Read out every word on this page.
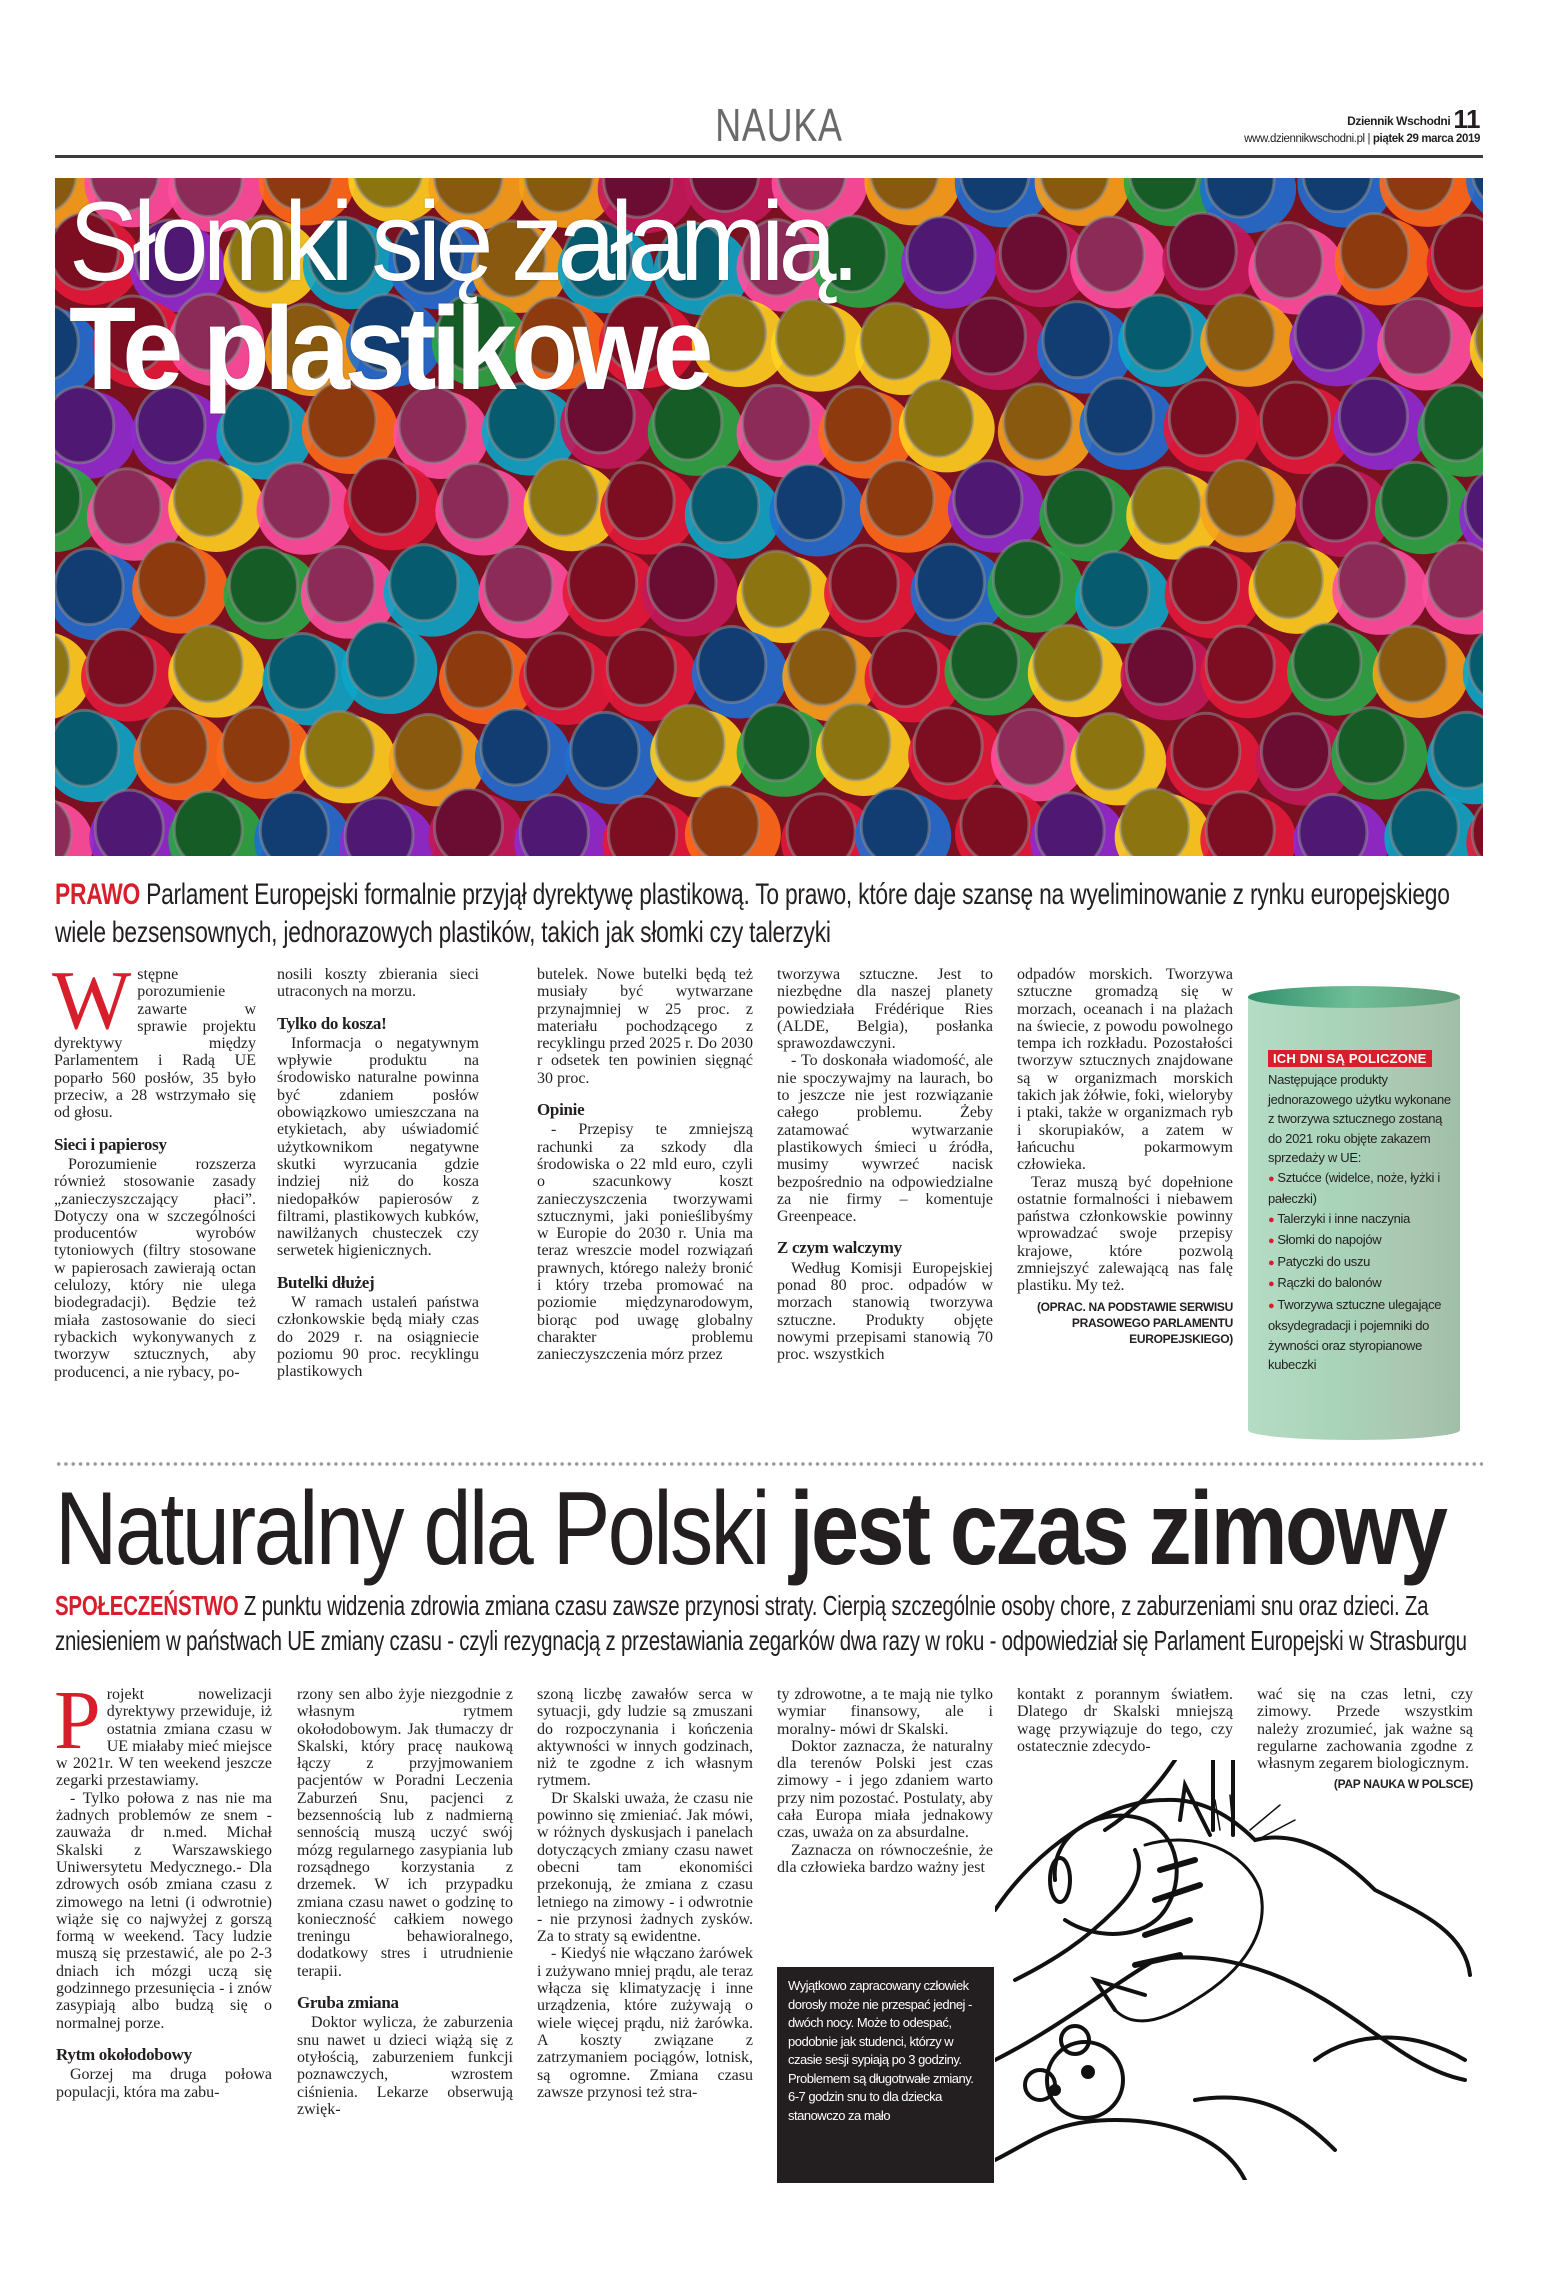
NAUKA	Dziennik Wschodni 11
www.dziennikwschodni.pl | piątek 29 marca 2019
Słomki się załamią.
Te plastikowe
PRAWO Parlament Europejski formalnie przyjął dyrektywę plastikową. To prawo, które daje szansę na wyeliminowanie z rynku europejskiego wiele bezsensownych, jednorazowych plastików, takich jak słomki czy talerzyki

Wstępne porozumienie zawarte w sprawie projektu dyrektywy między Parlamentem i Radą UE poparło 560 posłów, 35 było przeciw, a 28 wstrzymało się od głosu.

Sieci i papierosy

Porozumienie rozszerza również stosowanie zasady „zanieczyszczający płaci”. Dotyczy ona w szczególności producentów wyrobów tytoniowych (filtry stosowane w papierosach zawierają octan celulozy, który nie ulega biodegradacji). Będzie też miała zastosowanie do sieci rybackich wykonywanych z tworzyw sztucznych, aby producenci, a nie rybacy, po-

nosili koszty zbierania sieci utraconych na morzu.

Tylko do kosza!

Informacja o negatywnym wpływie produktu na środowisko naturalne powinna być zdaniem posłów obowiązkowo umieszczana na etykietach, aby uświadomić użytkownikom negatywne skutki wyrzucania gdzie indziej niż do kosza niedopałków papierosów z filtrami, plastikowych kubków, nawilżanych chusteczek czy serwetek higienicznych.

Butelki dłużej

W ramach ustaleń państwa członkowskie będą miały czas do 2029 r. na osiągniecie poziomu 90 proc. recyklingu plastikowych

butelek. Nowe butelki będą też musiały być wytwarzane przynajmniej w 25 proc. z materiału pochodzącego z recyklingu przed 2025 r. Do 2030 r odsetek ten powinien sięgnąć 30 proc.

Opinie

- Przepisy te zmniejszą rachunki za szkody dla środowiska o 22 mld euro, czyli o szacunkowy koszt zanieczyszczenia tworzywami sztucznymi, jaki ponieślibyśmy w Europie do 2030 r. Unia ma teraz wreszcie model rozwiązań prawnych, którego należy bronić i który trzeba promować na poziomie międzynarodowym, biorąc pod uwagę globalny charakter problemu zanieczyszczenia mórz przez

tworzywa sztuczne. Jest to niezbędne dla naszej planety powiedziała Frédérique Ries (ALDE, Belgia), posłanka sprawozdawczyni.

- To doskonała wiadomość, ale nie spoczywajmy na laurach, bo to jeszcze nie jest rozwiązanie całego problemu. Żeby zatamować wytwarzanie plastikowych śmieci u źródła, musimy wywrzeć nacisk bezpośrednio na odpowiedzialne za nie firmy – komentuje Greenpeace.

Z czym walczymy

Według Komisji Europejskiej ponad 80 proc. odpadów w morzach stanowią tworzywa sztuczne. Produkty objęte nowymi przepisami stanowią 70 proc. wszystkich

odpadów morskich. Tworzywa sztuczne gromadzą się w morzach, oceanach i na plażach na świecie, z powodu powolnego tempa ich rozkładu. Pozostałości tworzyw sztucznych znajdowane są w organizmach morskich takich jak żółwie, foki, wieloryby i ptaki, także w organizmach ryb i skorupiaków, a zatem w łańcuchu pokarmowym człowieka.

Teraz muszą być dopełnione ostatnie formalności i niebawem państwa członkowskie powinny wprowadzać swoje przepisy krajowe, które pozwolą zmniejszyć zalewającą nas falę plastiku. My też.

(OPRAC. NA PODSTAWIE SERWISU PRASOWEGO PARLAMENTU EUROPEJSKIEGO)
ICH DNI SĄ POLICZONE
Następujące produkty jednorazowego użytku wykonane z tworzywa sztucznego zostaną do 2021 roku objęte zakazem sprzedaży w UE:
● Sztućce (widelce, noże, łyżki i pałeczki)
● Talerzyki i inne naczynia
● Słomki do napojów
● Patyczki do uszu
● Rączki do balonów
● Tworzywa sztuczne ulegające oksydegradacji i pojemniki do żywności oraz styropianowe kubeczki
Naturalny dla Polski jest czas zimowy
SPOŁECZEŃSTWO Z punktu widzenia zdrowia zmiana czasu zawsze przynosi straty. Cierpią szczególnie osoby chore, z zaburzeniami snu oraz dzieci. Za zniesieniem w państwach UE zmiany czasu - czyli rezygnacją z przestawiania zegarków dwa razy w roku - odpowiedział się Parlament Europejski w Strasburgu

Projekt nowelizacji dyrektywy przewiduje, iż ostatnia zmiana czasu w UE miałaby mieć miejsce w 2021r. W ten weekend jeszcze zegarki przestawiamy.

- Tylko połowa z nas nie ma żadnych problemów ze snem - zauważa dr n.med. Michał Skalski z Warszawskiego Uniwersytetu Medycznego.- Dla zdrowych osób zmiana czasu z zimowego na letni (i odwrotnie) wiąże się co najwyżej z gorszą formą w weekend. Tacy ludzie muszą się przestawić, ale po 2-3 dniach ich mózgi uczą się godzinnego przesunięcia - i znów zasypiają albo budzą się o normalnej porze.

Rytm okołodobowy

Gorzej ma druga połowa populacji, która ma zabu-

rzony sen albo żyje niezgodnie z własnym rytmem okołodobowym. Jak tłumaczy dr Skalski, który pracę naukową łączy z przyjmowaniem pacjentów w Poradni Leczenia Zaburzeń Snu, pacjenci z bezsennością lub z nadmierną sennością muszą uczyć swój mózg regularnego zasypiania lub rozsądnego korzystania z drzemek. W ich przypadku zmiana czasu nawet o godzinę to konieczność całkiem nowego treningu behawioralnego, dodatkowy stres i utrudnienie terapii.

Gruba zmiana

Doktor wylicza, że zaburzenia snu nawet u dzieci wiążą się z otyłością, zaburzeniem funkcji poznawczych, wzrostem ciśnienia. Lekarze obserwują zwięk-

szoną liczbę zawałów serca w sytuacji, gdy ludzie są zmuszani do rozpoczynania i kończenia aktywności w innych godzinach, niż te zgodne z ich własnym rytmem.

Dr Skalski uważa, że czasu nie powinno się zmieniać. Jak mówi, w różnych dyskusjach i panelach dotyczących zmiany czasu nawet obecni tam ekonomiści przekonują, że zmiana z czasu letniego na zimowy - i odwrotnie - nie przynosi żadnych zysków. Za to straty są ewidentne.

- Kiedyś nie włączano żarówek i zużywano mniej prądu, ale teraz włącza się klimatyzację i inne urządzenia, które zużywają o wiele więcej prądu, niż żarówka. A koszty związane z zatrzymaniem pociągów, lotnisk, są ogromne. Zmiana czasu zawsze przynosi też stra-

ty zdrowotne, a te mają nie tylko wymiar finansowy, ale i moralny- mówi dr Skalski.

Doktor zaznacza, że naturalny dla terenów Polski jest czas zimowy - i jego zdaniem warto przy nim pozostać. Postulaty, aby cała Europa miała jednakowy czas, uważa on za absurdalne.

Zaznacza on równocześnie, że dla człowieka bardzo ważny jest

kontakt z porannym światłem. Dlatego dr Skalski mniejszą wagę przywiązuje do tego, czy ostatecznie zdecydo-

wać się na czas letni, czy zimowy. Przede wszystkim należy zrozumieć, jak ważne są regularne zachowania zgodne z własnym zegarem biologicznym.

(PAP NAUKA W POLSCE)
Wyjątkowo zapracowany człowiek dorosły może nie przespać jednej - dwóch nocy. Może to odespać, podobnie jak studenci, którzy w czasie sesji sypiają po 3 godziny.
Problemem są długotrwałe zmiany.
6-7 godzin snu to dla dziecka stanowczo za mało
